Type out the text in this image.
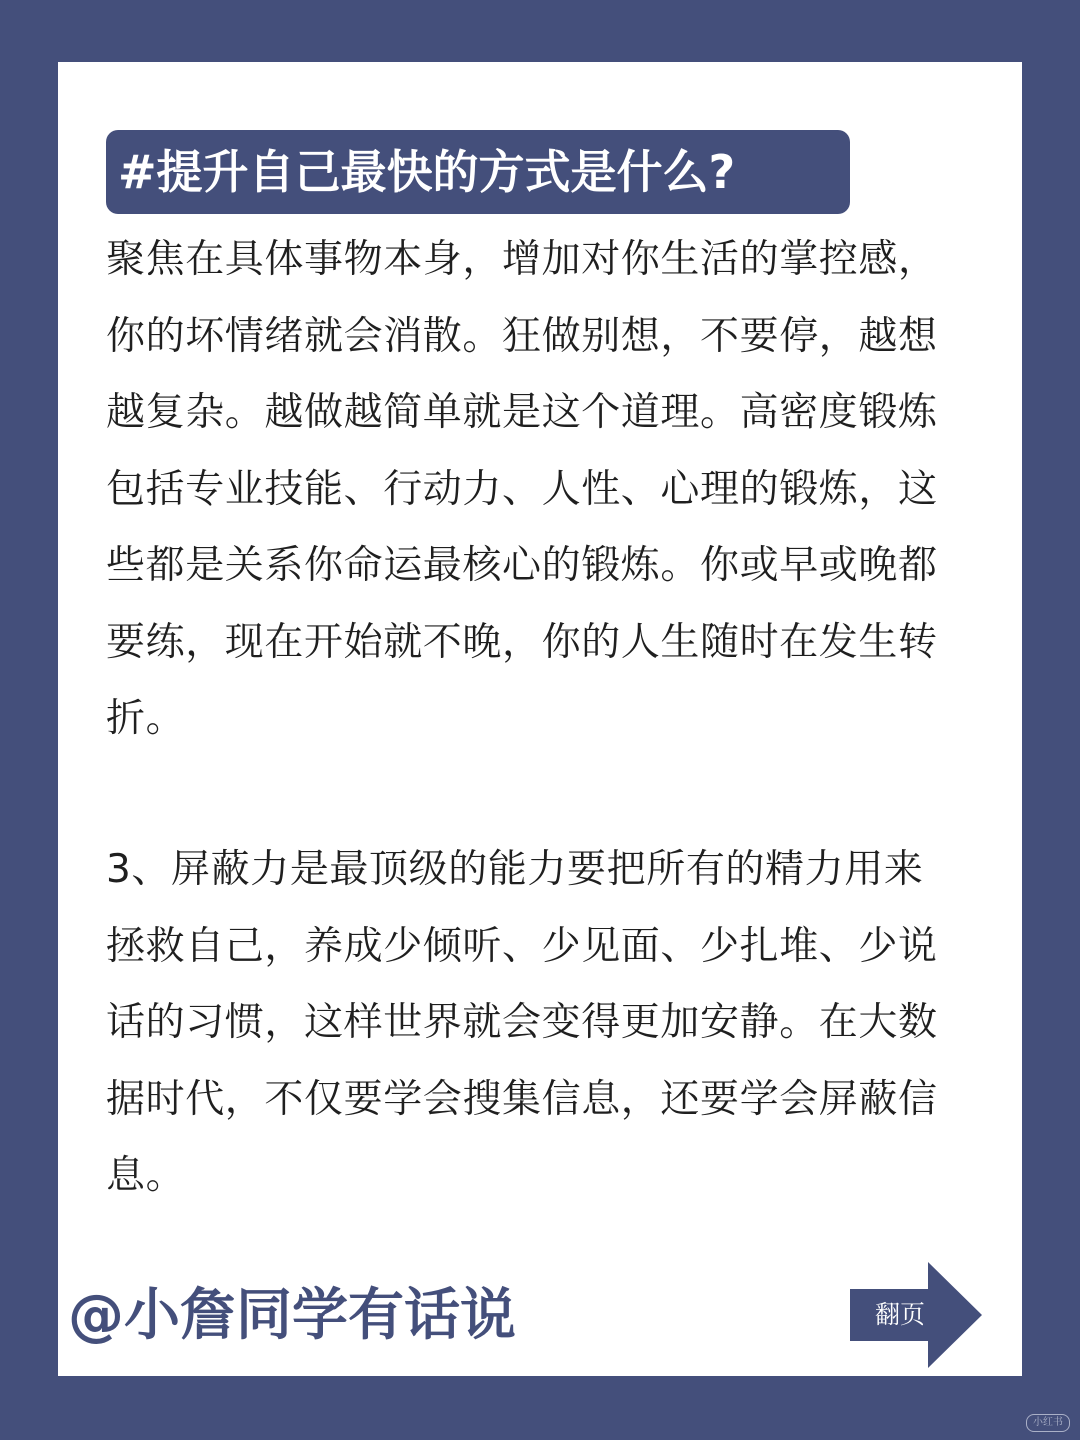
#提升自己最快的方式是什么?

聚焦在具体事物本身，增加对你生活的掌控感，你的坏情绪就会消散。狂做别想，不要停，越想越复杂。越做越简单就是这个道理。高密度锻炼包括专业技能、行动力、人性、心理的锻炼，这些都是关系你命运最核心的锻炼。你或早或晚都要练，现在开始就不晚，你的人生随时在发生转折。

3、屏蔽力是最顶级的能力要把所有的精力用来拯救自己，养成少倾听、少见面、少扎堆、少说话的习惯，这样世界就会变得更加安静。在大数据时代，不仅要学会搜集信息，还要学会屏蔽信息。

@小詹同学有话说	翻页
小红书
